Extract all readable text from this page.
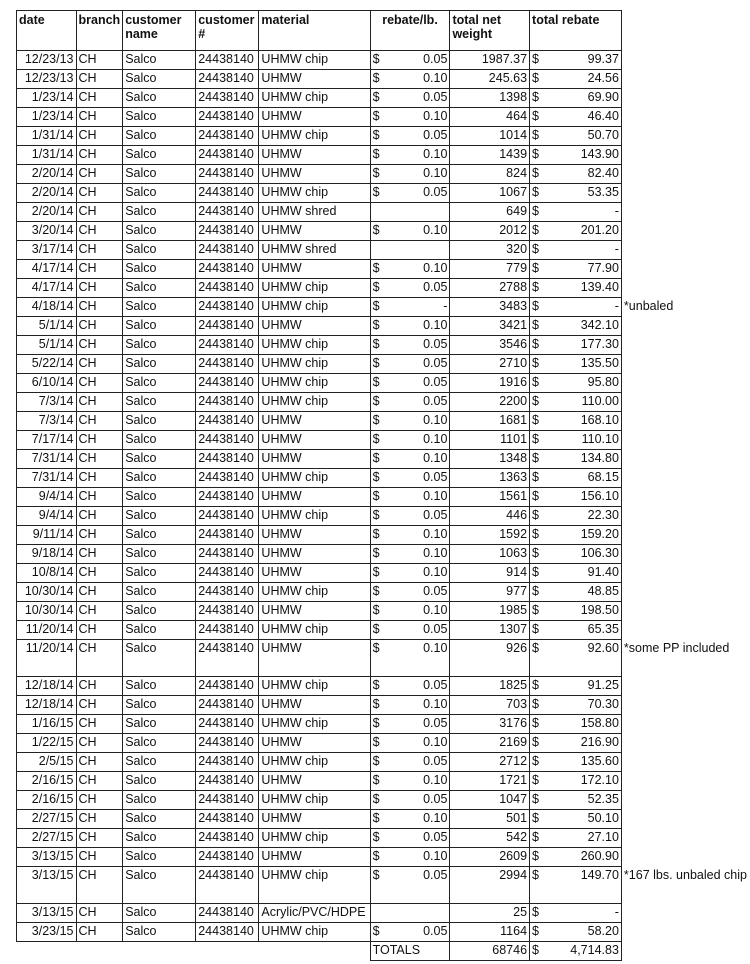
date	branch	customer name	customer #	material	rebate/lb.	total net weight	total rebate	
12/23/13	CH	Salco	24438140	UHMW chip	$ 0.05	1987.37	$ 99.37	

12/23/13	CH	Salco	24438140	UHMW	$ 0.10	245.63	$ 24.56	

1/23/14	CH	Salco	24438140	UHMW chip	$ 0.05	1398	$ 69.90	

1/23/14	CH	Salco	24438140	UHMW	$ 0.10	464	$ 46.40	

1/31/14	CH	Salco	24438140	UHMW chip	$ 0.05	1014	$ 50.70	

1/31/14	CH	Salco	24438140	UHMW	$ 0.10	1439	$ 143.90	

2/20/14	CH	Salco	24438140	UHMW	$ 0.10	824	$ 82.40	

2/20/14	CH	Salco	24438140	UHMW chip	$ 0.05	1067	$ 53.35	

2/20/14	CH	Salco	24438140	UHMW shred		649	$ -	

3/20/14	CH	Salco	24438140	UHMW	$ 0.10	2012	$ 201.20	

3/17/14	CH	Salco	24438140	UHMW shred		320	$ -	

4/17/14	CH	Salco	24438140	UHMW	$ 0.10	779	$ 77.90	

4/17/14	CH	Salco	24438140	UHMW chip	$ 0.05	2788	$ 139.40	

4/18/14	CH	Salco	24438140	UHMW chip	$ -	3483	$ -	*unbaled
5/1/14	CH	Salco	24438140	UHMW	$ 0.10	3421	$ 342.10	

5/1/14	CH	Salco	24438140	UHMW chip	$ 0.05	3546	$ 177.30	

5/22/14	CH	Salco	24438140	UHMW chip	$ 0.05	2710	$ 135.50	

6/10/14	CH	Salco	24438140	UHMW chip	$ 0.05	1916	$ 95.80	

7/3/14	CH	Salco	24438140	UHMW chip	$ 0.05	2200	$ 110.00	

7/3/14	CH	Salco	24438140	UHMW	$ 0.10	1681	$ 168.10	

7/17/14	CH	Salco	24438140	UHMW	$ 0.10	1101	$ 110.10	

7/31/14	CH	Salco	24438140	UHMW	$ 0.10	1348	$ 134.80	

7/31/14	CH	Salco	24438140	UHMW chip	$ 0.05	1363	$ 68.15	

9/4/14	CH	Salco	24438140	UHMW	$ 0.10	1561	$ 156.10	

9/4/14	CH	Salco	24438140	UHMW chip	$ 0.05	446	$ 22.30	

9/11/14	CH	Salco	24438140	UHMW	$ 0.10	1592	$ 159.20	

9/18/14	CH	Salco	24438140	UHMW	$ 0.10	1063	$ 106.30	

10/8/14	CH	Salco	24438140	UHMW	$ 0.10	914	$ 91.40	

10/30/14	CH	Salco	24438140	UHMW chip	$ 0.05	977	$ 48.85	

10/30/14	CH	Salco	24438140	UHMW	$ 0.10	1985	$ 198.50	

11/20/14	CH	Salco	24438140	UHMW chip	$ 0.05	1307	$ 65.35	

11/20/14	CH	Salco	24438140	UHMW	$ 0.10	926	$ 92.60	*some PP included
12/18/14	CH	Salco	24438140	UHMW chip	$ 0.05	1825	$ 91.25	

12/18/14	CH	Salco	24438140	UHMW	$ 0.10	703	$ 70.30	

1/16/15	CH	Salco	24438140	UHMW chip	$ 0.05	3176	$ 158.80	

1/22/15	CH	Salco	24438140	UHMW	$ 0.10	2169	$ 216.90	

2/5/15	CH	Salco	24438140	UHMW chip	$ 0.05	2712	$ 135.60	

2/16/15	CH	Salco	24438140	UHMW	$ 0.10	1721	$ 172.10	

2/16/15	CH	Salco	24438140	UHMW chip	$ 0.05	1047	$ 52.35	

2/27/15	CH	Salco	24438140	UHMW	$ 0.10	501	$ 50.10	

2/27/15	CH	Salco	24438140	UHMW chip	$ 0.05	542	$ 27.10	

3/13/15	CH	Salco	24438140	UHMW	$ 0.10	2609	$ 260.90	

3/13/15	CH	Salco	24438140	UHMW chip	$ 0.05	2994	$ 149.70	*167 lbs. unbaled chip
3/13/15	CH	Salco	24438140	Acrylic/PVC/HDPE		25	$ -	

3/23/15	CH	Salco	24438140	UHMW chip	$ 0.05	1164	$ 58.20	

					TOTALS	68746	$ 4,714.83	
